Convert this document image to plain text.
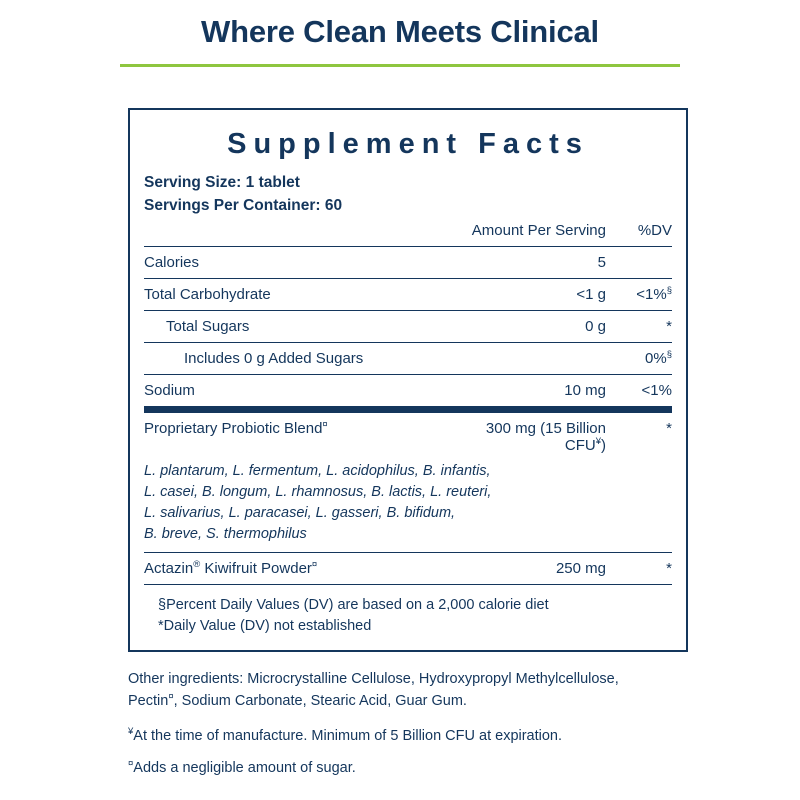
Where Clean Meets Clinical
Supplement Facts
Serving Size: 1 tablet
Servings Per Container: 60
	Amount Per Serving	%DV

Calories	5	

Total Carbohydrate	<1 g	<1%§

Total Sugars	0 g	*

Includes 0 g Added Sugars		0%§

Sodium	10 mg	<1%

Proprietary Probiotic Blend¤	300 mg (15 Billion CFU¥)	*

L. plantarum, L. fermentum, L. acidophilus, B. infantis,
L. casei, B. longum, L. rhamnosus, B. lactis, L. reuteri,
L. salivarius, L. paracasei, L. gasseri, B. bifidum,
B. breve, S. thermophilus		

Actazin® Kiwifruit Powder¤	250 mg	*

§Percent Daily Values (DV) are based on a 2,000 calorie diet
*Daily Value (DV) not established

Other ingredients: Microcrystalline Cellulose, Hydroxypropyl Methylcellulose,
Pectin¤, Sodium Carbonate, Stearic Acid, Guar Gum.

¥At the time of manufacture. Minimum of 5 Billion CFU at expiration.

¤Adds a negligible amount of sugar.
